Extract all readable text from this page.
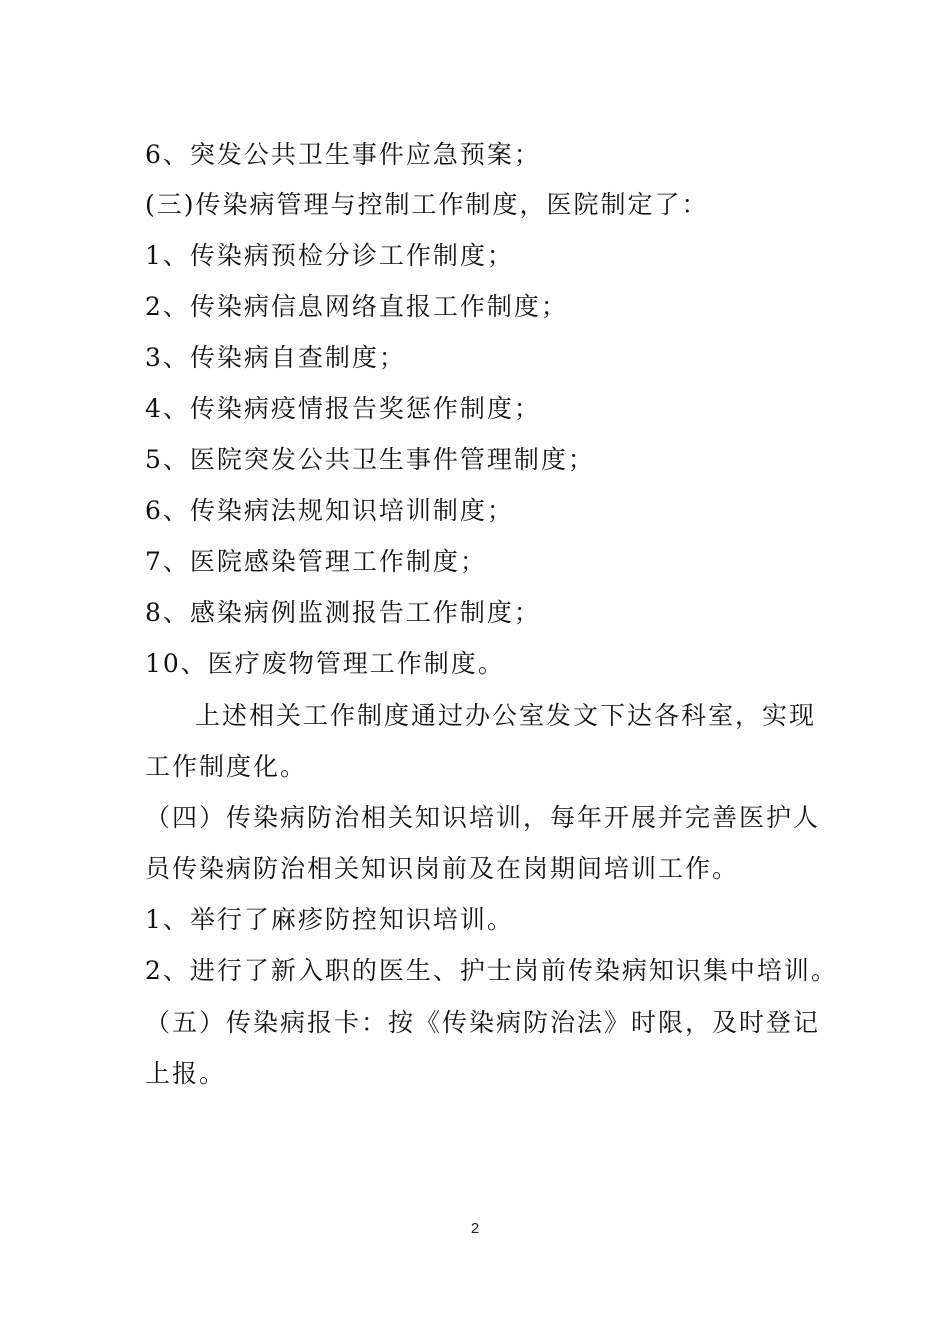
6、突发公共卫生事件应急预案；
(三)传染病管理与控制工作制度，医院制定了：
1、传染病预检分诊工作制度；
2、传染病信息网络直报工作制度；
3、传染病自查制度；
4、传染病疫情报告奖惩作制度；
5、医院突发公共卫生事件管理制度；
6、传染病法规知识培训制度；
7、医院感染管理工作制度；
8、感染病例监测报告工作制度；
10、医疗废物管理工作制度。
上述相关工作制度通过办公室发文下达各科室，实现
工作制度化。
（四）传染病防治相关知识培训，每年开展并完善医护人
员传染病防治相关知识岗前及在岗期间培训工作。
1、举行了麻疹防控知识培训。
2、进行了新入职的医生、护士岗前传染病知识集中培训。
（五）传染病报卡：按《传染病防治法》时限，及时登记
上报。
2
